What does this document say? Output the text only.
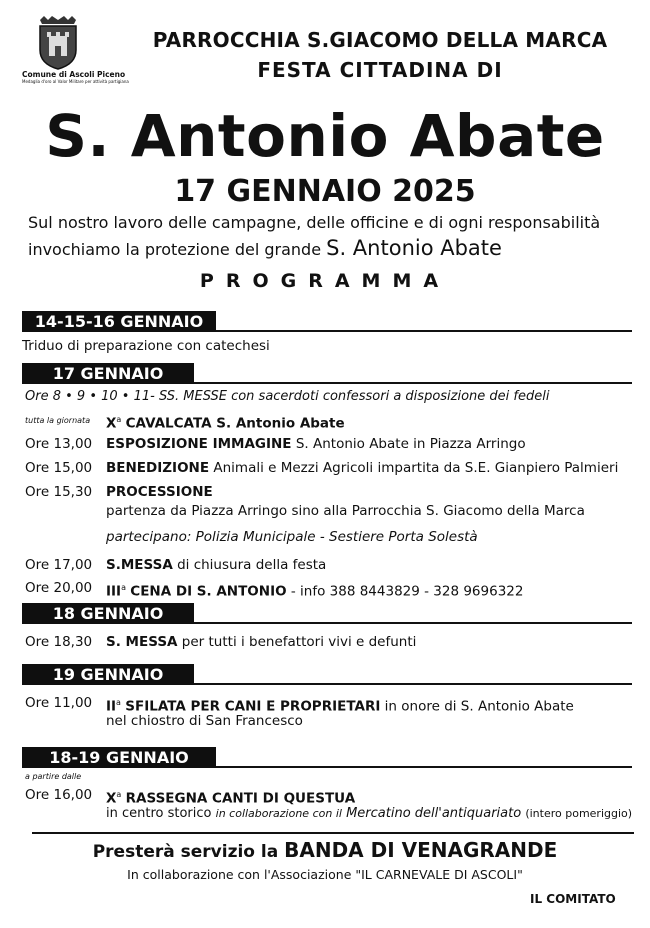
Comune di Ascoli Piceno
Medaglia d'oro al Valor Militare per attività partigiana
PARROCCHIA S.GIACOMO DELLA MARCA
FESTA CITTADINA DI
S. Antonio Abate
17 GENNAIO 2025
Sul nostro lavoro delle campagne, delle officine e di ogni responsabilità
invochiamo la protezione del grande S. Antonio Abate
PROGRAMMA
14-15-16 GENNAIO
Triduo di preparazione con catechesi
17 GENNAIO
Ore 8 • 9 • 10 • 11- SS. MESSE con sacerdoti confessori a disposizione dei fedeli
tutta la giornata $X^a$ CAVALCATA S. Antonio Abate
Ore 13,00 ESPOSIZIONE IMMAGINE S. Antonio Abate in Piazza Arringo
Ore 15,00 BENEDIZIONE Animali e Mezzi Agricoli impartita da S.E. Gianpiero Palmieri
Ore 15,30 PROCESSIONE
partenza da Piazza Arringo sino alla Parrocchia S. Giacomo della Marca
partecipano: Polizia Municipale - Sestiere Porta Solestà
Ore 17,00 S.MESSA di chiusura della festa
Ore 20,00 III$^a$ CENA DI S. ANTONIO - info 388 8443829 - 328 9696322
18 GENNAIO
Ore 18,30 S. MESSA per tutti i benefattori vivi e defunti
19 GENNAIO
Ore 11,00 $II^a$ SFILATA PER CANI E PROPRIETARI in onore di S. Antonio Abate
nel chiostro di San Francesco
18-19 GENNAIO
a partire dalle
Ore 16,00 $X^a$ RASSEGNA CANTI DI QUESTUA
in centro storico in collaborazione con il Mercatino dell'antiquariato (intero pomeriggio)
Presterà servizio la BANDA DI VENAGRANDE
In collaborazione con l'Associazione "IL CARNEVALE DI ASCOLI"
IL COMITATO
